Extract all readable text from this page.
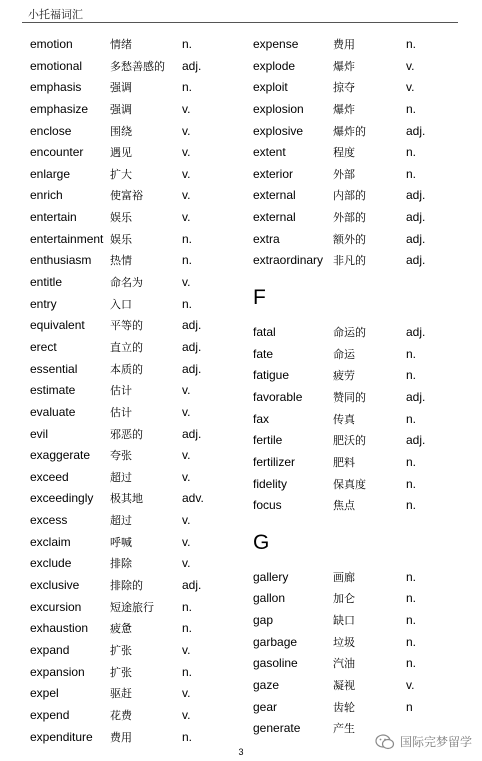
小托福词汇
emotion	情绪	n.
emotional	多愁善感的 adj.
emphasis	强调	n.
emphasize 强调	v.
enclose	围绕	v.
encounter 遇见	v.
enlarge	扩大	v.
enrich	使富裕	v.
entertain	娱乐	v.
entertainment 娱乐	n.
enthusiasm 热情	n.
entitle	命名为	v.
entry	入口	n.
equivalent 平等的	adj.
erect	直立的	adj.
essential	本质的	adj.
estimate	估计	v.
evaluate	估计	v.
evil	邪恶的	adj.
exaggerate 夸张	v.
exceed	超过	v.
exceedingly 极其地	adv.
excess	超过	v.
exclaim	呼喊	v.
exclude	排除	v.
exclusive	排除的	adj.
excursion	短途旅行 n.
exhaustion 疲惫	n.
expand	扩张	v.
expansion 扩张	n.
expel	驱赶	v.
expend	花费	v.
expenditure 费用	n.
expense	费用	n.
explode	爆炸	v.
exploit	掠夺	v.
explosion	爆炸	n.
explosive	爆炸的	adj.
extent	程度	n.
exterior	外部	n.
external	内部的	adj.
external	外部的	adj.
extra	额外的	adj.
extraordinary 非凡的	adj.
F
fatal	命运的	adj.
fate	命运	n.
fatigue	疲劳	n.
favorable	赞同的	adj.
fax	传真	n.
fertile	肥沃的	adj.
fertilizer	肥料	n.
fidelity	保真度	n.
focus	焦点	n.
G
gallery	画廊	n.
gallon	加仑	n.
gap	缺口	n.
garbage	垃圾	n.
gasoline	汽油	n.
gaze	凝视	v.
gear	齿轮	n
generate	产生
3
国际完梦留学
